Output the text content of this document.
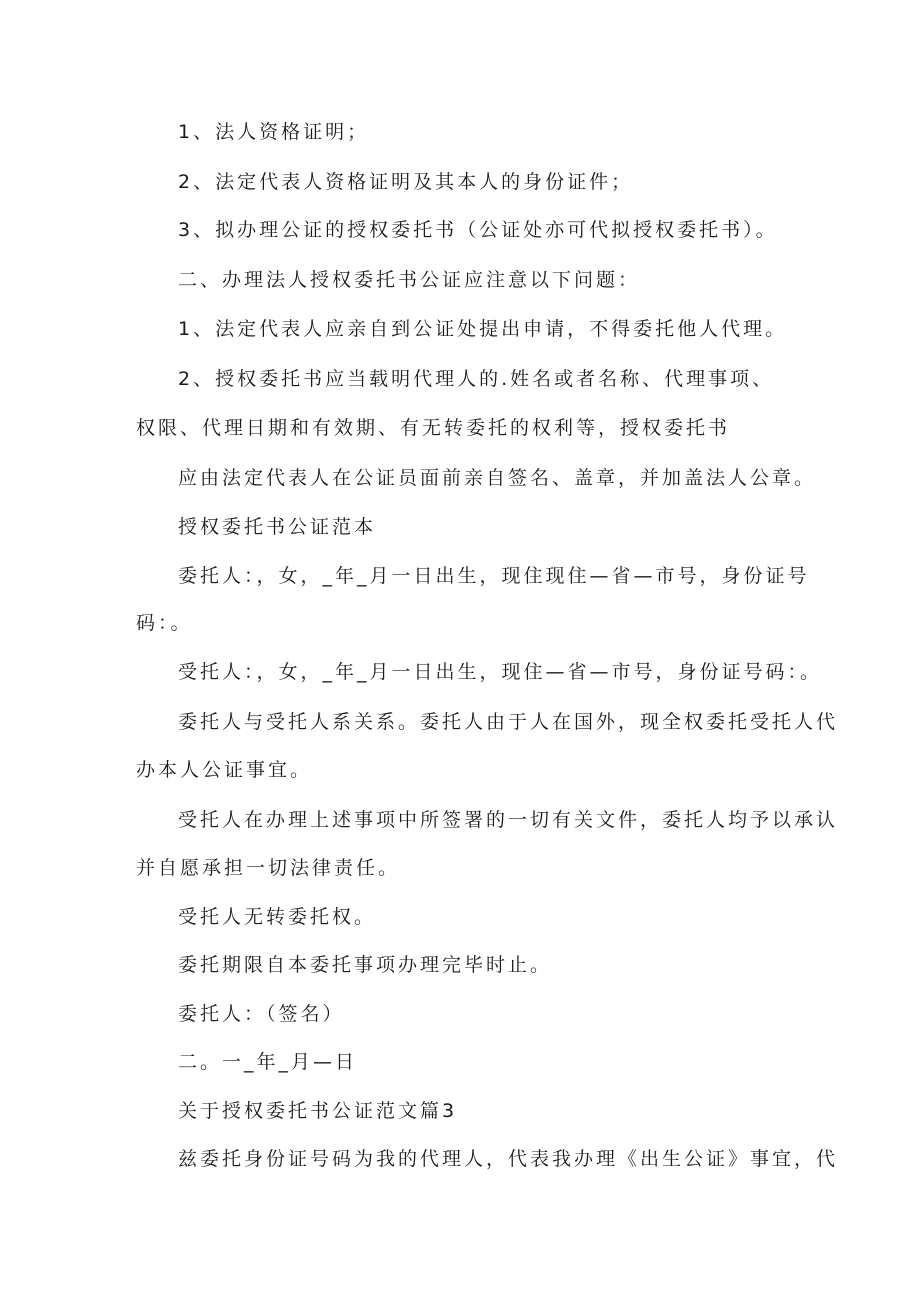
1、法人资格证明；
2、法定代表人资格证明及其本人的身份证件；
3、拟办理公证的授权委托书（公证处亦可代拟授权委托书）。
二、办理法人授权委托书公证应注意以下问题：
1、法定代表人应亲自到公证处提出申请，不得委托他人代理。
2、授权委托书应当载明代理人的.姓名或者名称、代理事项、
权限、代理日期和有效期、有无转委托的权利等，授权委托书
应由法定代表人在公证员面前亲自签名、盖章，并加盖法人公章。
授权委托书公证范本
委托人：，女，_年_月一日出生，现住现住—省—市号，身份证号
码：。
受托人：，女，_年_月一日出生，现住—省—市号，身份证号码：。
委托人与受托人系关系。委托人由于人在国外，现全权委托受托人代
办本人公证事宜。
受托人在办理上述事项中所签署的一切有关文件，委托人均予以承认
并自愿承担一切法律责任。
受托人无转委托权。
委托期限自本委托事项办理完毕时止。
委托人：（签名）
二。一_年_月—日
关于授权委托书公证范文篇3
兹委托身份证号码为我的代理人，代表我办理《出生公证》事宜，代
